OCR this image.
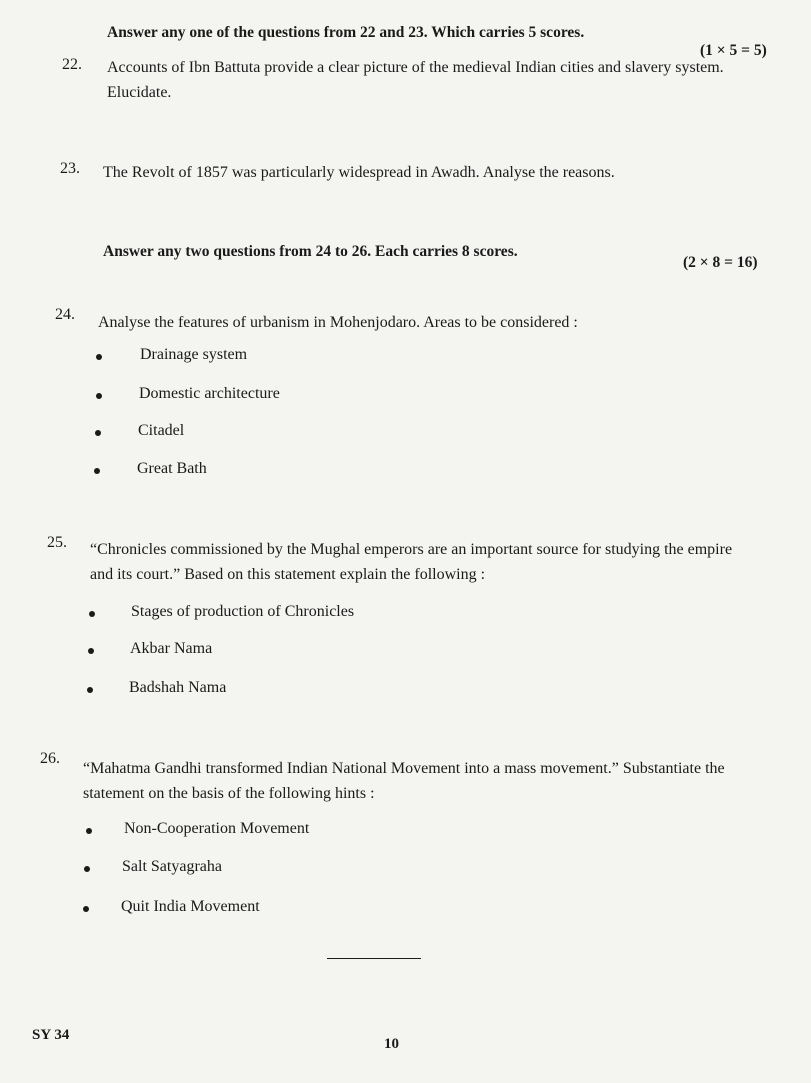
Answer any one of the questions from 22 and 23. Which carries 5 scores.
(1 × 5 = 5)
22. Accounts of Ibn Battuta provide a clear picture of the medieval Indian cities and slavery system. Elucidate.
23. The Revolt of 1857 was particularly widespread in Awadh. Analyse the reasons.
Answer any two questions from 24 to 26. Each carries 8 scores.
(2 × 8 = 16)
24. Analyse the features of urbanism in Mohenjodaro. Areas to be considered :
Drainage system
Domestic architecture
Citadel
Great Bath
25. “Chronicles commissioned by the Mughal emperors are an important source for studying the empire and its court.” Based on this statement explain the following :
Stages of production of Chronicles
Akbar Nama
Badshah Nama
26.
“Mahatma Gandhi transformed Indian National Movement into a mass movement.” Substantiate the statement on the basis of the following hints :
Non-Cooperation Movement
Salt Satyagraha
Quit India Movement
SY 34
10
